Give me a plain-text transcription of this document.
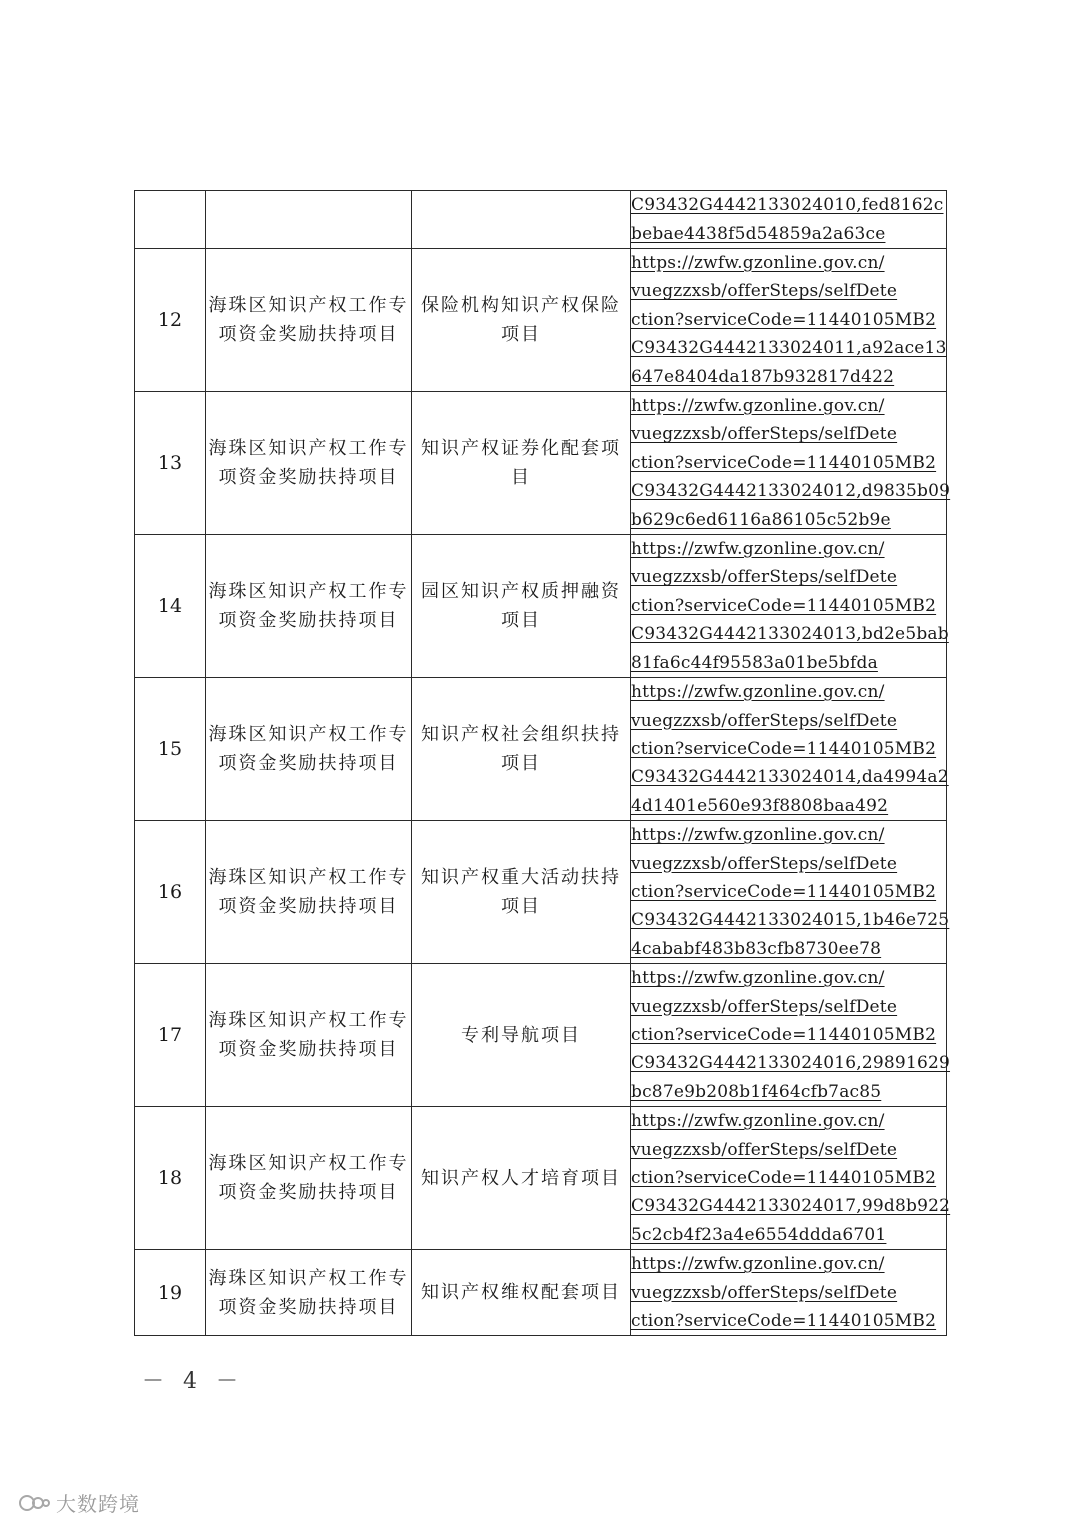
			C93432G4442133024010,fed8162c
bebae4438f5d54859a2a63ce

12	海珠区知识产权工作专项资金奖励扶持项目	保险机构知识产权保险项目	https://zwfw.gzonline.gov.cn/
vuegzzxsb/offerSteps/selfDete
ction?serviceCode=11440105MB2
C93432G4442133024011,a92ace13
647e8404da187b932817d422

13	海珠区知识产权工作专项资金奖励扶持项目	知识产权证券化配套项目	https://zwfw.gzonline.gov.cn/
vuegzzxsb/offerSteps/selfDete
ction?serviceCode=11440105MB2
C93432G4442133024012,d9835b09
b629c6ed6116a86105c52b9e

14	海珠区知识产权工作专项资金奖励扶持项目	园区知识产权质押融资项目	https://zwfw.gzonline.gov.cn/
vuegzzxsb/offerSteps/selfDete
ction?serviceCode=11440105MB2
C93432G4442133024013,bd2e5bab
81fa6c44f95583a01be5bfda

15	海珠区知识产权工作专项资金奖励扶持项目	知识产权社会组织扶持项目	https://zwfw.gzonline.gov.cn/
vuegzzxsb/offerSteps/selfDete
ction?serviceCode=11440105MB2
C93432G4442133024014,da4994a2
4d1401e560e93f8808baa492

16	海珠区知识产权工作专项资金奖励扶持项目	知识产权重大活动扶持项目	https://zwfw.gzonline.gov.cn/
vuegzzxsb/offerSteps/selfDete
ction?serviceCode=11440105MB2
C93432G4442133024015,1b46e725
4cababf483b83cfb8730ee78

17	海珠区知识产权工作专项资金奖励扶持项目	专利导航项目	https://zwfw.gzonline.gov.cn/
vuegzzxsb/offerSteps/selfDete
ction?serviceCode=11440105MB2
C93432G4442133024016,29891629
bc87e9b208b1f464cfb7ac85

18	海珠区知识产权工作专项资金奖励扶持项目	知识产权人才培育项目	https://zwfw.gzonline.gov.cn/
vuegzzxsb/offerSteps/selfDete
ction?serviceCode=11440105MB2
C93432G4442133024017,99d8b922
5c2cb4f23a4e6554ddda6701

19	海珠区知识产权工作专项资金奖励扶持项目	知识产权维权配套项目	https://zwfw.gzonline.gov.cn/
vuegzzxsb/offerSteps/selfDete
ction?serviceCode=11440105MB2
－ 4 －
大数跨境
